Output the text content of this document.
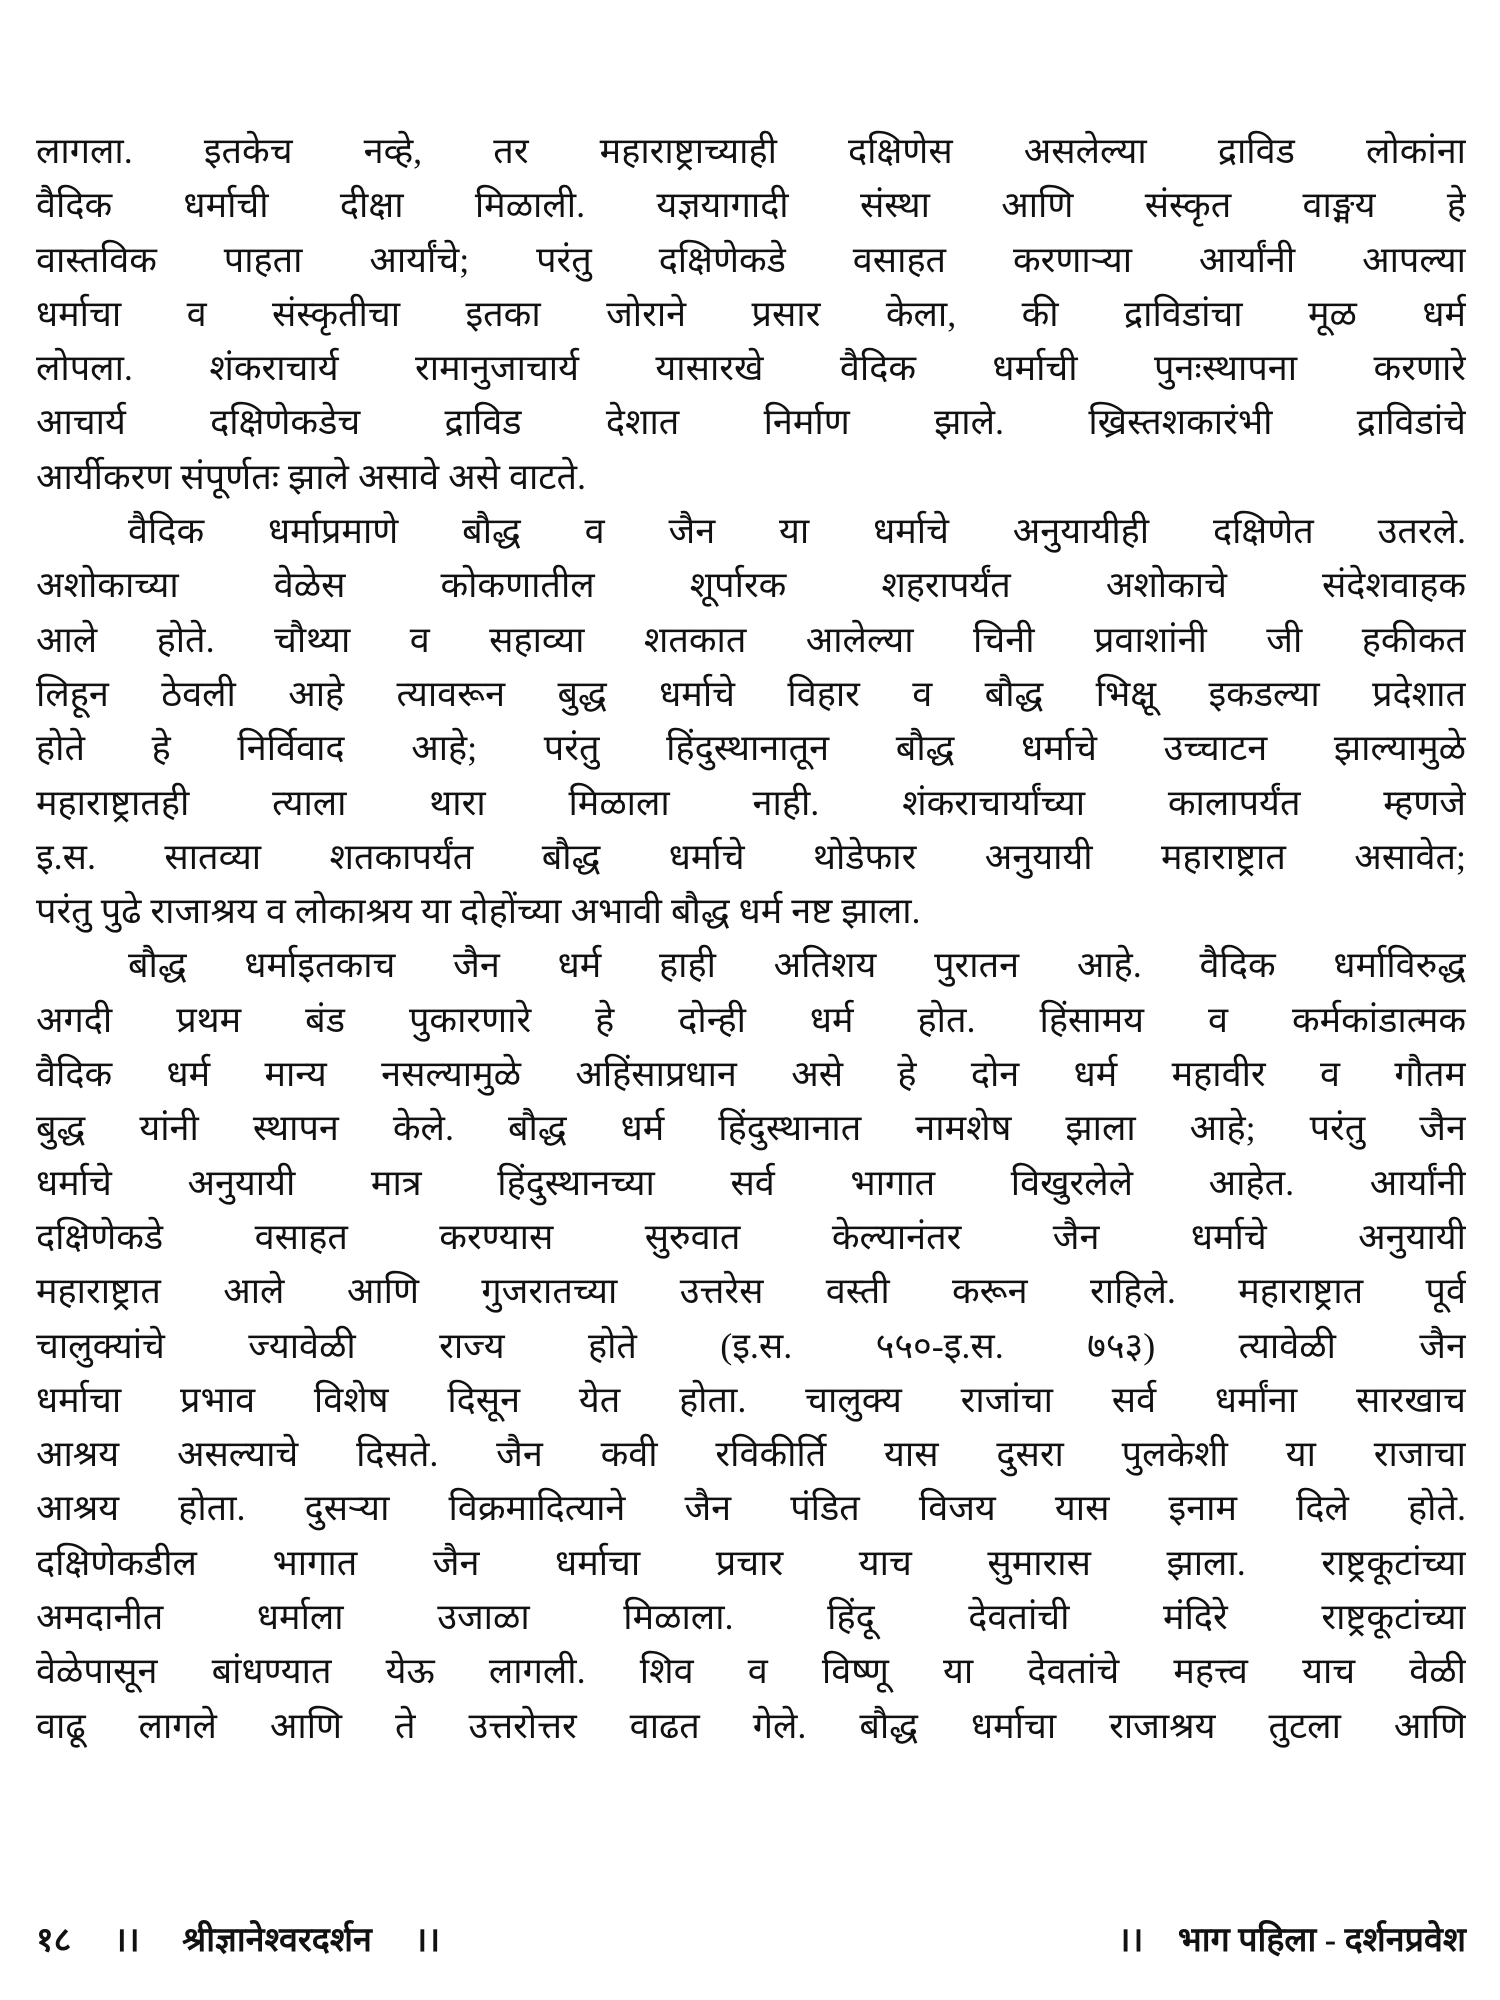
लागला. इतकेच नव्हे, तर महाराष्ट्राच्याही दक्षिणेस असलेल्या द्राविड लोकांना
वैदिक धर्माची दीक्षा मिळाली. यज्ञयागादी संस्था आणि संस्कृत वाङ्मय हे
वास्तविक पाहता आर्यांचे; परंतु दक्षिणेकडे वसाहत करणाऱ्या आर्यांनी आपल्या
धर्माचा व संस्कृतीचा इतका जोराने प्रसार केला, की द्राविडांचा मूळ धर्म
लोपला. शंकराचार्य रामानुजाचार्य यासारखे वैदिक धर्माची पुनःस्थापना करणारे
आचार्य दक्षिणेकडेच द्राविड देशात निर्माण झाले. ख्रिस्तशकारंभी द्राविडांचे
आर्यीकरण संपूर्णतः झाले असावे असे वाटते.
वैदिक धर्माप्रमाणे बौद्ध व जैन या धर्माचे अनुयायीही दक्षिणेत उतरले.
अशोकाच्या वेळेस कोकणातील शूर्पारक शहरापर्यंत अशोकाचे संदेशवाहक
आले होते. चौथ्या व सहाव्या शतकात आलेल्या चिनी प्रवाशांनी जी हकीकत
लिहून ठेवली आहे त्यावरून बुद्ध धर्माचे विहार व बौद्ध भिक्षू इकडल्या प्रदेशात
होते हे निर्विवाद आहे; परंतु हिंदुस्थानातून बौद्ध धर्माचे उच्चाटन झाल्यामुळे
महाराष्ट्रातही त्याला थारा मिळाला नाही. शंकराचार्यांच्या कालापर्यंत म्हणजे
इ.स. सातव्या शतकापर्यंत बौद्ध धर्माचे थोडेफार अनुयायी महाराष्ट्रात असावेत;
परंतु पुढे राजाश्रय व लोकाश्रय या दोहोंच्या अभावी बौद्ध धर्म नष्ट झाला.
बौद्ध धर्माइतकाच जैन धर्म हाही अतिशय पुरातन आहे. वैदिक धर्माविरुद्ध
अगदी प्रथम बंड पुकारणारे हे दोन्ही धर्म होत. हिंसामय व कर्मकांडात्मक
वैदिक धर्म मान्य नसल्यामुळे अहिंसाप्रधान असे हे दोन धर्म महावीर व गौतम
बुद्ध यांनी स्थापन केले. बौद्ध धर्म हिंदुस्थानात नामशेष झाला आहे; परंतु जैन
धर्माचे अनुयायी मात्र हिंदुस्थानच्या सर्व भागात विखुरलेले आहेत. आर्यांनी
दक्षिणेकडे वसाहत करण्यास सुरुवात केल्यानंतर जैन धर्माचे अनुयायी
महाराष्ट्रात आले आणि गुजरातच्या उत्तरेस वस्ती करून राहिले. महाराष्ट्रात पूर्व
चालुक्यांचे ज्यावेळी राज्य होते (इ.स. ५५०-इ.स. ७५३) त्यावेळी जैन
धर्माचा प्रभाव विशेष दिसून येत होता. चालुक्य राजांचा सर्व धर्मांना सारखाच
आश्रय असल्याचे दिसते. जैन कवी रविकीर्ति यास दुसरा पुलकेशी या राजाचा
आश्रय होता. दुसऱ्या विक्रमादित्याने जैन पंडित विजय यास इनाम दिले होते.
दक्षिणेकडील भागात जैन धर्माचा प्रचार याच सुमारास झाला. राष्ट्रकूटांच्या
अमदानीत धर्माला उजाळा मिळाला. हिंदू देवतांची मंदिरे राष्ट्रकूटांच्या
वेळेपासून बांधण्यात येऊ लागली. शिव व विष्णू या देवतांचे महत्त्व याच वेळी
वाढू लागले आणि ते उत्तरोत्तर वाढत गेले. बौद्ध धर्माचा राजाश्रय तुटला आणि
१८ ।। श्रीज्ञानेश्वरदर्शन ।।	।। भाग पहिला - दर्शनप्रवेश
